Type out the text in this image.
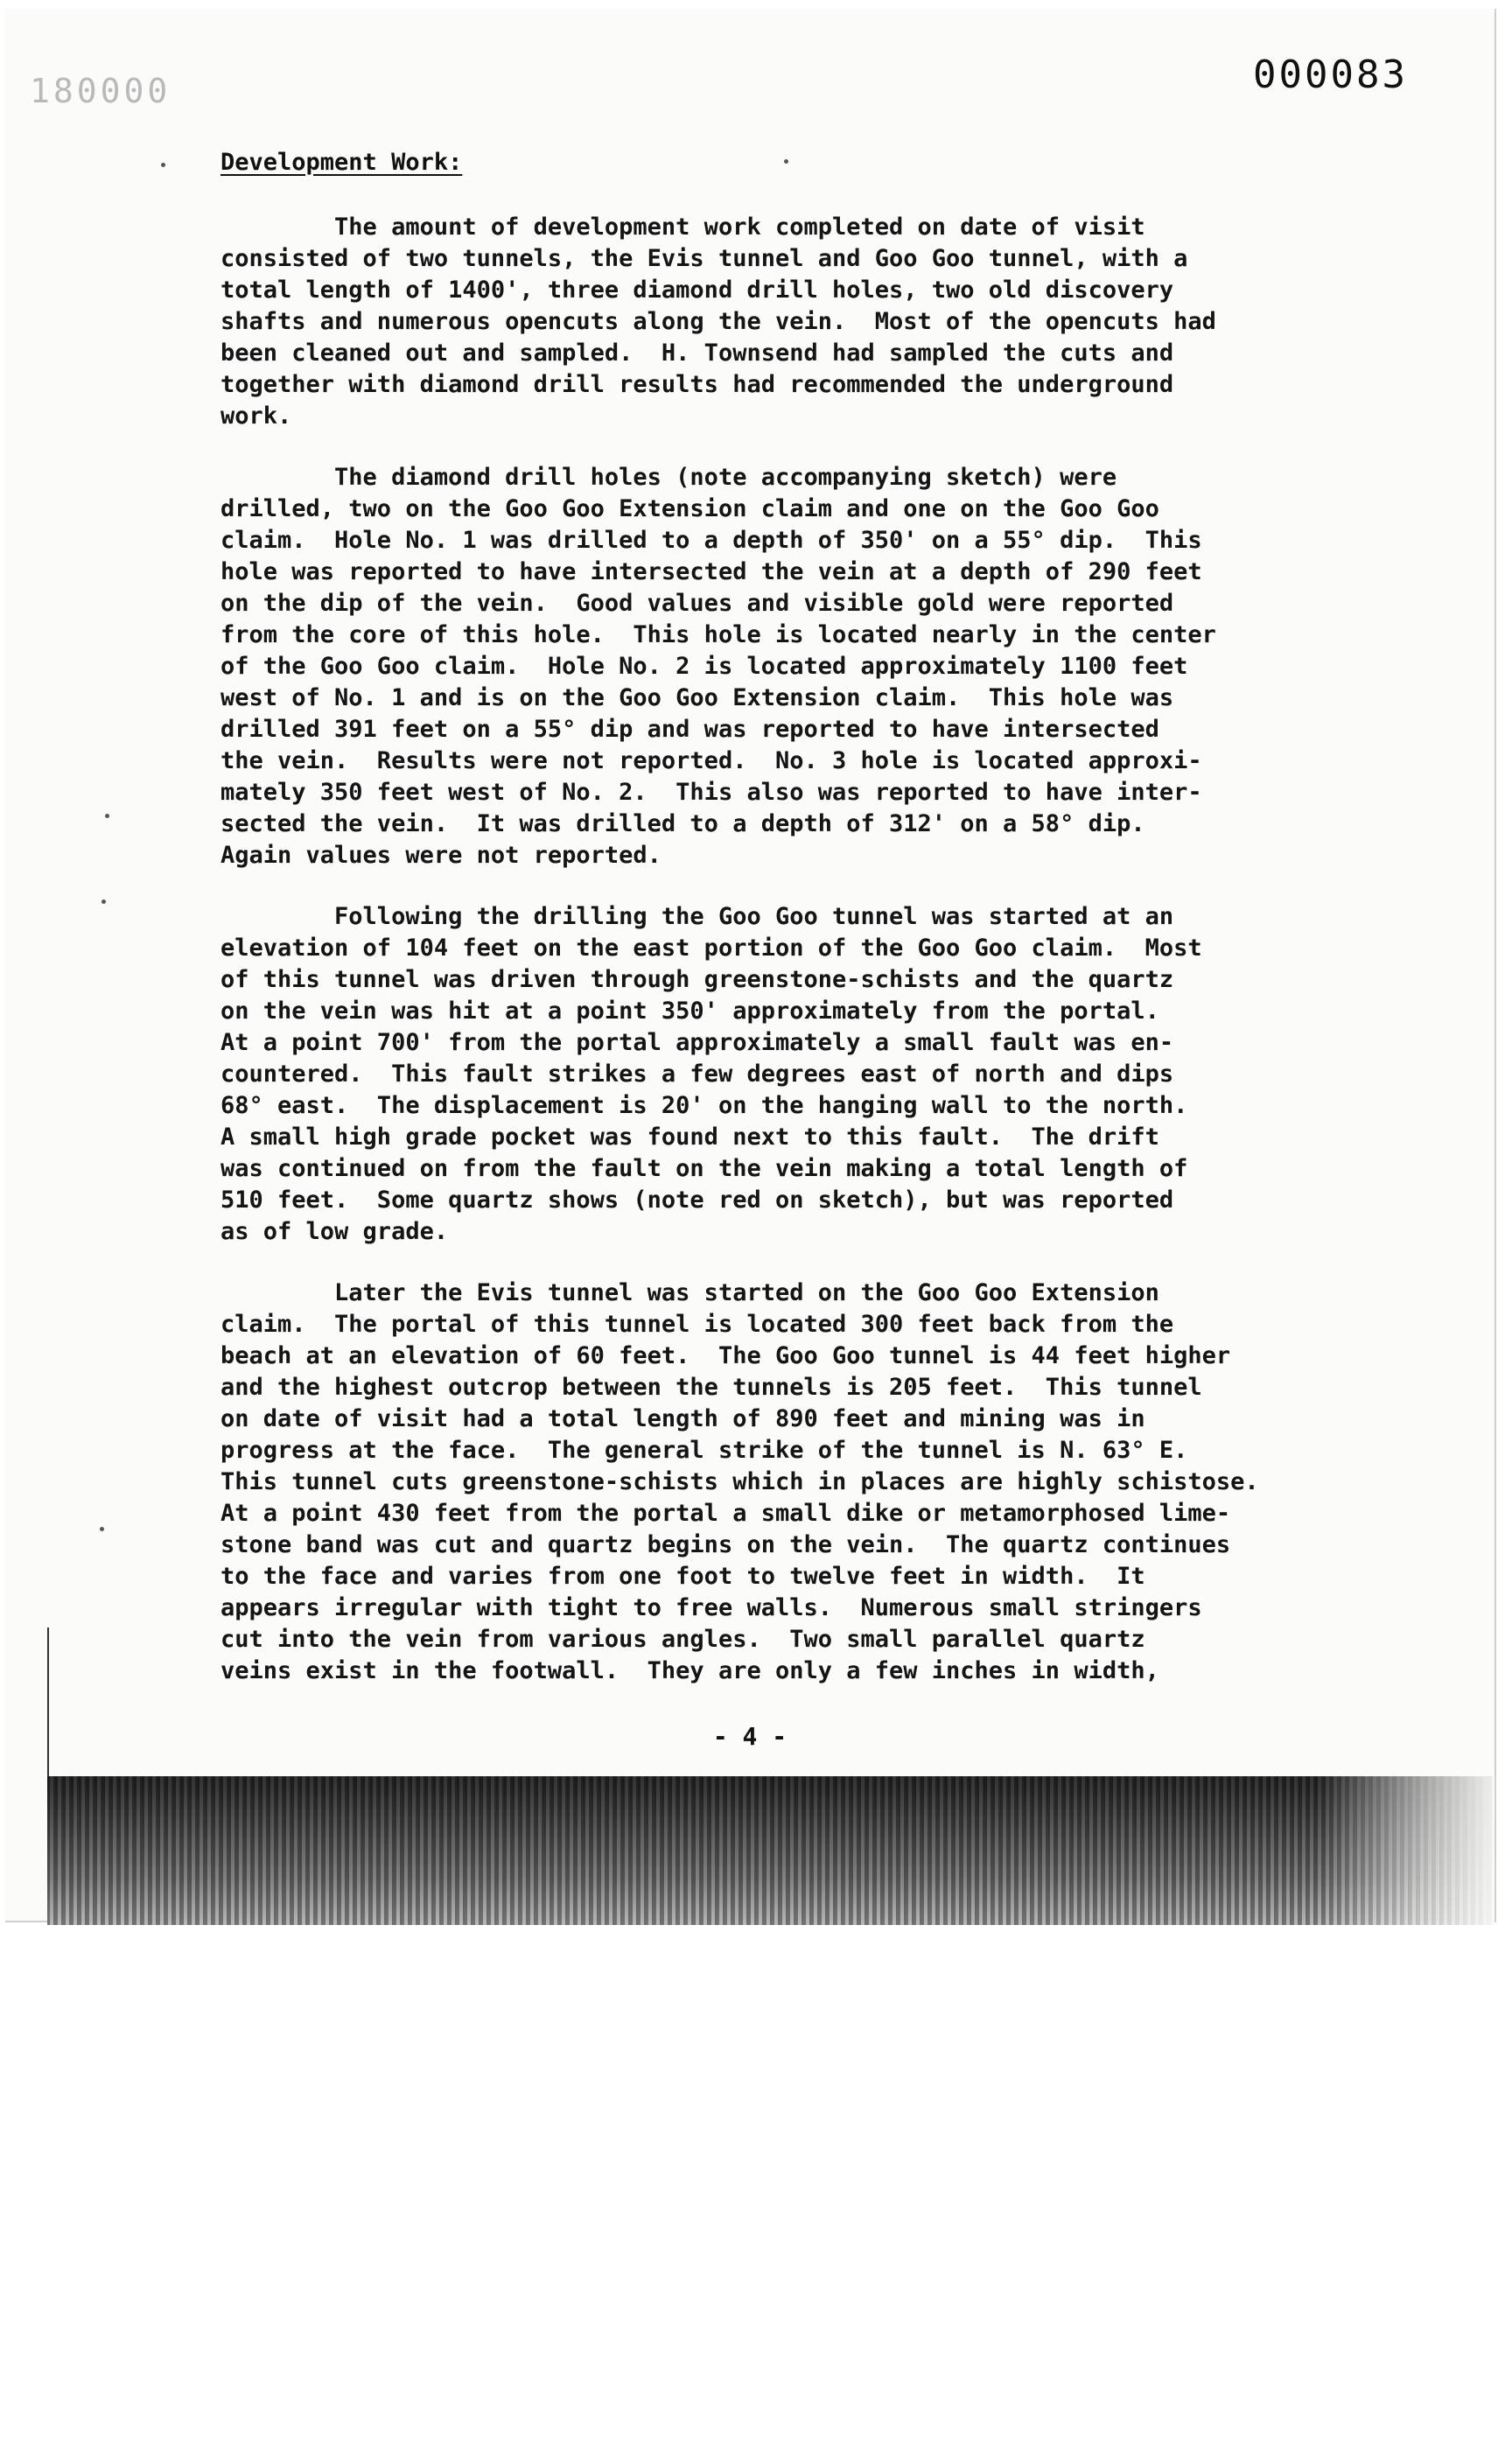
180000	000083
Development Work:
The amount of development work completed on date of visit
consisted of two tunnels, the Evis tunnel and Goo Goo tunnel, with a
total length of 1400', three diamond drill holes, two old discovery
shafts and numerous opencuts along the vein.  Most of the opencuts had
been cleaned out and sampled.  H. Townsend had sampled the cuts and
together with diamond drill results had recommended the underground
work.
The diamond drill holes (note accompanying sketch) were
drilled, two on the Goo Goo Extension claim and one on the Goo Goo
claim.  Hole No. 1 was drilled to a depth of 350' on a 55° dip.  This
hole was reported to have intersected the vein at a depth of 290 feet
on the dip of the vein.  Good values and visible gold were reported
from the core of this hole.  This hole is located nearly in the center
of the Goo Goo claim.  Hole No. 2 is located approximately 1100 feet
west of No. 1 and is on the Goo Goo Extension claim.  This hole was
drilled 391 feet on a 55° dip and was reported to have intersected
the vein.  Results were not reported.  No. 3 hole is located approxi-
mately 350 feet west of No. 2.  This also was reported to have inter-
sected the vein.  It was drilled to a depth of 312' on a 58° dip.
Again values were not reported.
Following the drilling the Goo Goo tunnel was started at an
elevation of 104 feet on the east portion of the Goo Goo claim.  Most
of this tunnel was driven through greenstone-schists and the quartz
on the vein was hit at a point 350' approximately from the portal.
At a point 700' from the portal approximately a small fault was en-
countered.  This fault strikes a few degrees east of north and dips
68° east.  The displacement is 20' on the hanging wall to the north.
A small high grade pocket was found next to this fault.  The drift
was continued on from the fault on the vein making a total length of
510 feet.  Some quartz shows (note red on sketch), but was reported
as of low grade.
Later the Evis tunnel was started on the Goo Goo Extension
claim.  The portal of this tunnel is located 300 feet back from the
beach at an elevation of 60 feet.  The Goo Goo tunnel is 44 feet higher
and the highest outcrop between the tunnels is 205 feet.  This tunnel
on date of visit had a total length of 890 feet and mining was in
progress at the face.  The general strike of the tunnel is N. 63° E.
This tunnel cuts greenstone-schists which in places are highly schistose.
At a point 430 feet from the portal a small dike or metamorphosed lime-
stone band was cut and quartz begins on the vein.  The quartz continues
to the face and varies from one foot to twelve feet in width.  It
appears irregular with tight to free walls.  Numerous small stringers
cut into the vein from various angles.  Two small parallel quartz
veins exist in the footwall.  They are only a few inches in width,
- 4 -
